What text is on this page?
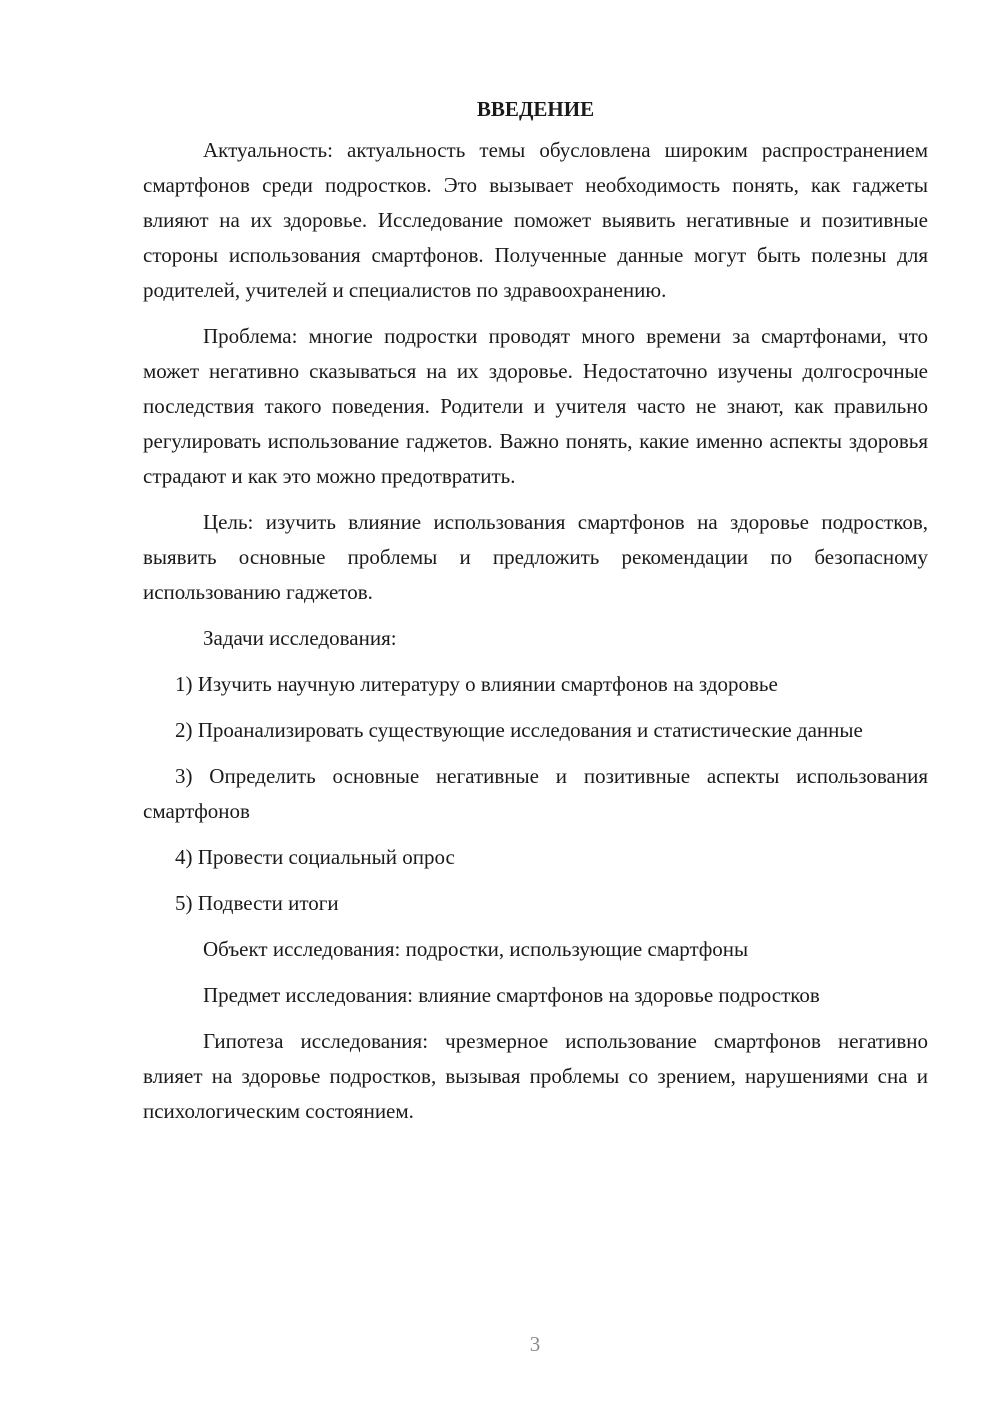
ВВЕДЕНИЕ

Актуальность: актуальность темы обусловлена широким распространением смартфонов среди подростков. Это вызывает необходимость понять, как гаджеты влияют на их здоровье. Исследование поможет выявить негативные и позитивные стороны использования смартфонов. Полученные данные могут быть полезны для родителей, учителей и специалистов по здравоохранению.

Проблема: многие подростки проводят много времени за смартфонами, что может негативно сказываться на их здоровье. Недостаточно изучены долгосрочные последствия такого поведения. Родители и учителя часто не знают, как правильно регулировать использование гаджетов. Важно понять, какие именно аспекты здоровья страдают и как это можно предотвратить.

Цель: изучить влияние использования смартфонов на здоровье подростков, выявить основные проблемы и предложить рекомендации по безопасному использованию гаджетов.

Задачи исследования:

1) Изучить научную литературу о влиянии смартфонов на здоровье

2) Проанализировать существующие исследования и статистические данные

3) Определить основные негативные и позитивные аспекты использования смартфонов

4) Провести социальный опрос

5) Подвести итоги

Объект исследования: подростки, использующие смартфоны

Предмет исследования: влияние смартфонов на здоровье подростков

Гипотеза исследования: чрезмерное использование смартфонов негативно влияет на здоровье подростков, вызывая проблемы со зрением, нарушениями сна и психологическим состоянием.

3
